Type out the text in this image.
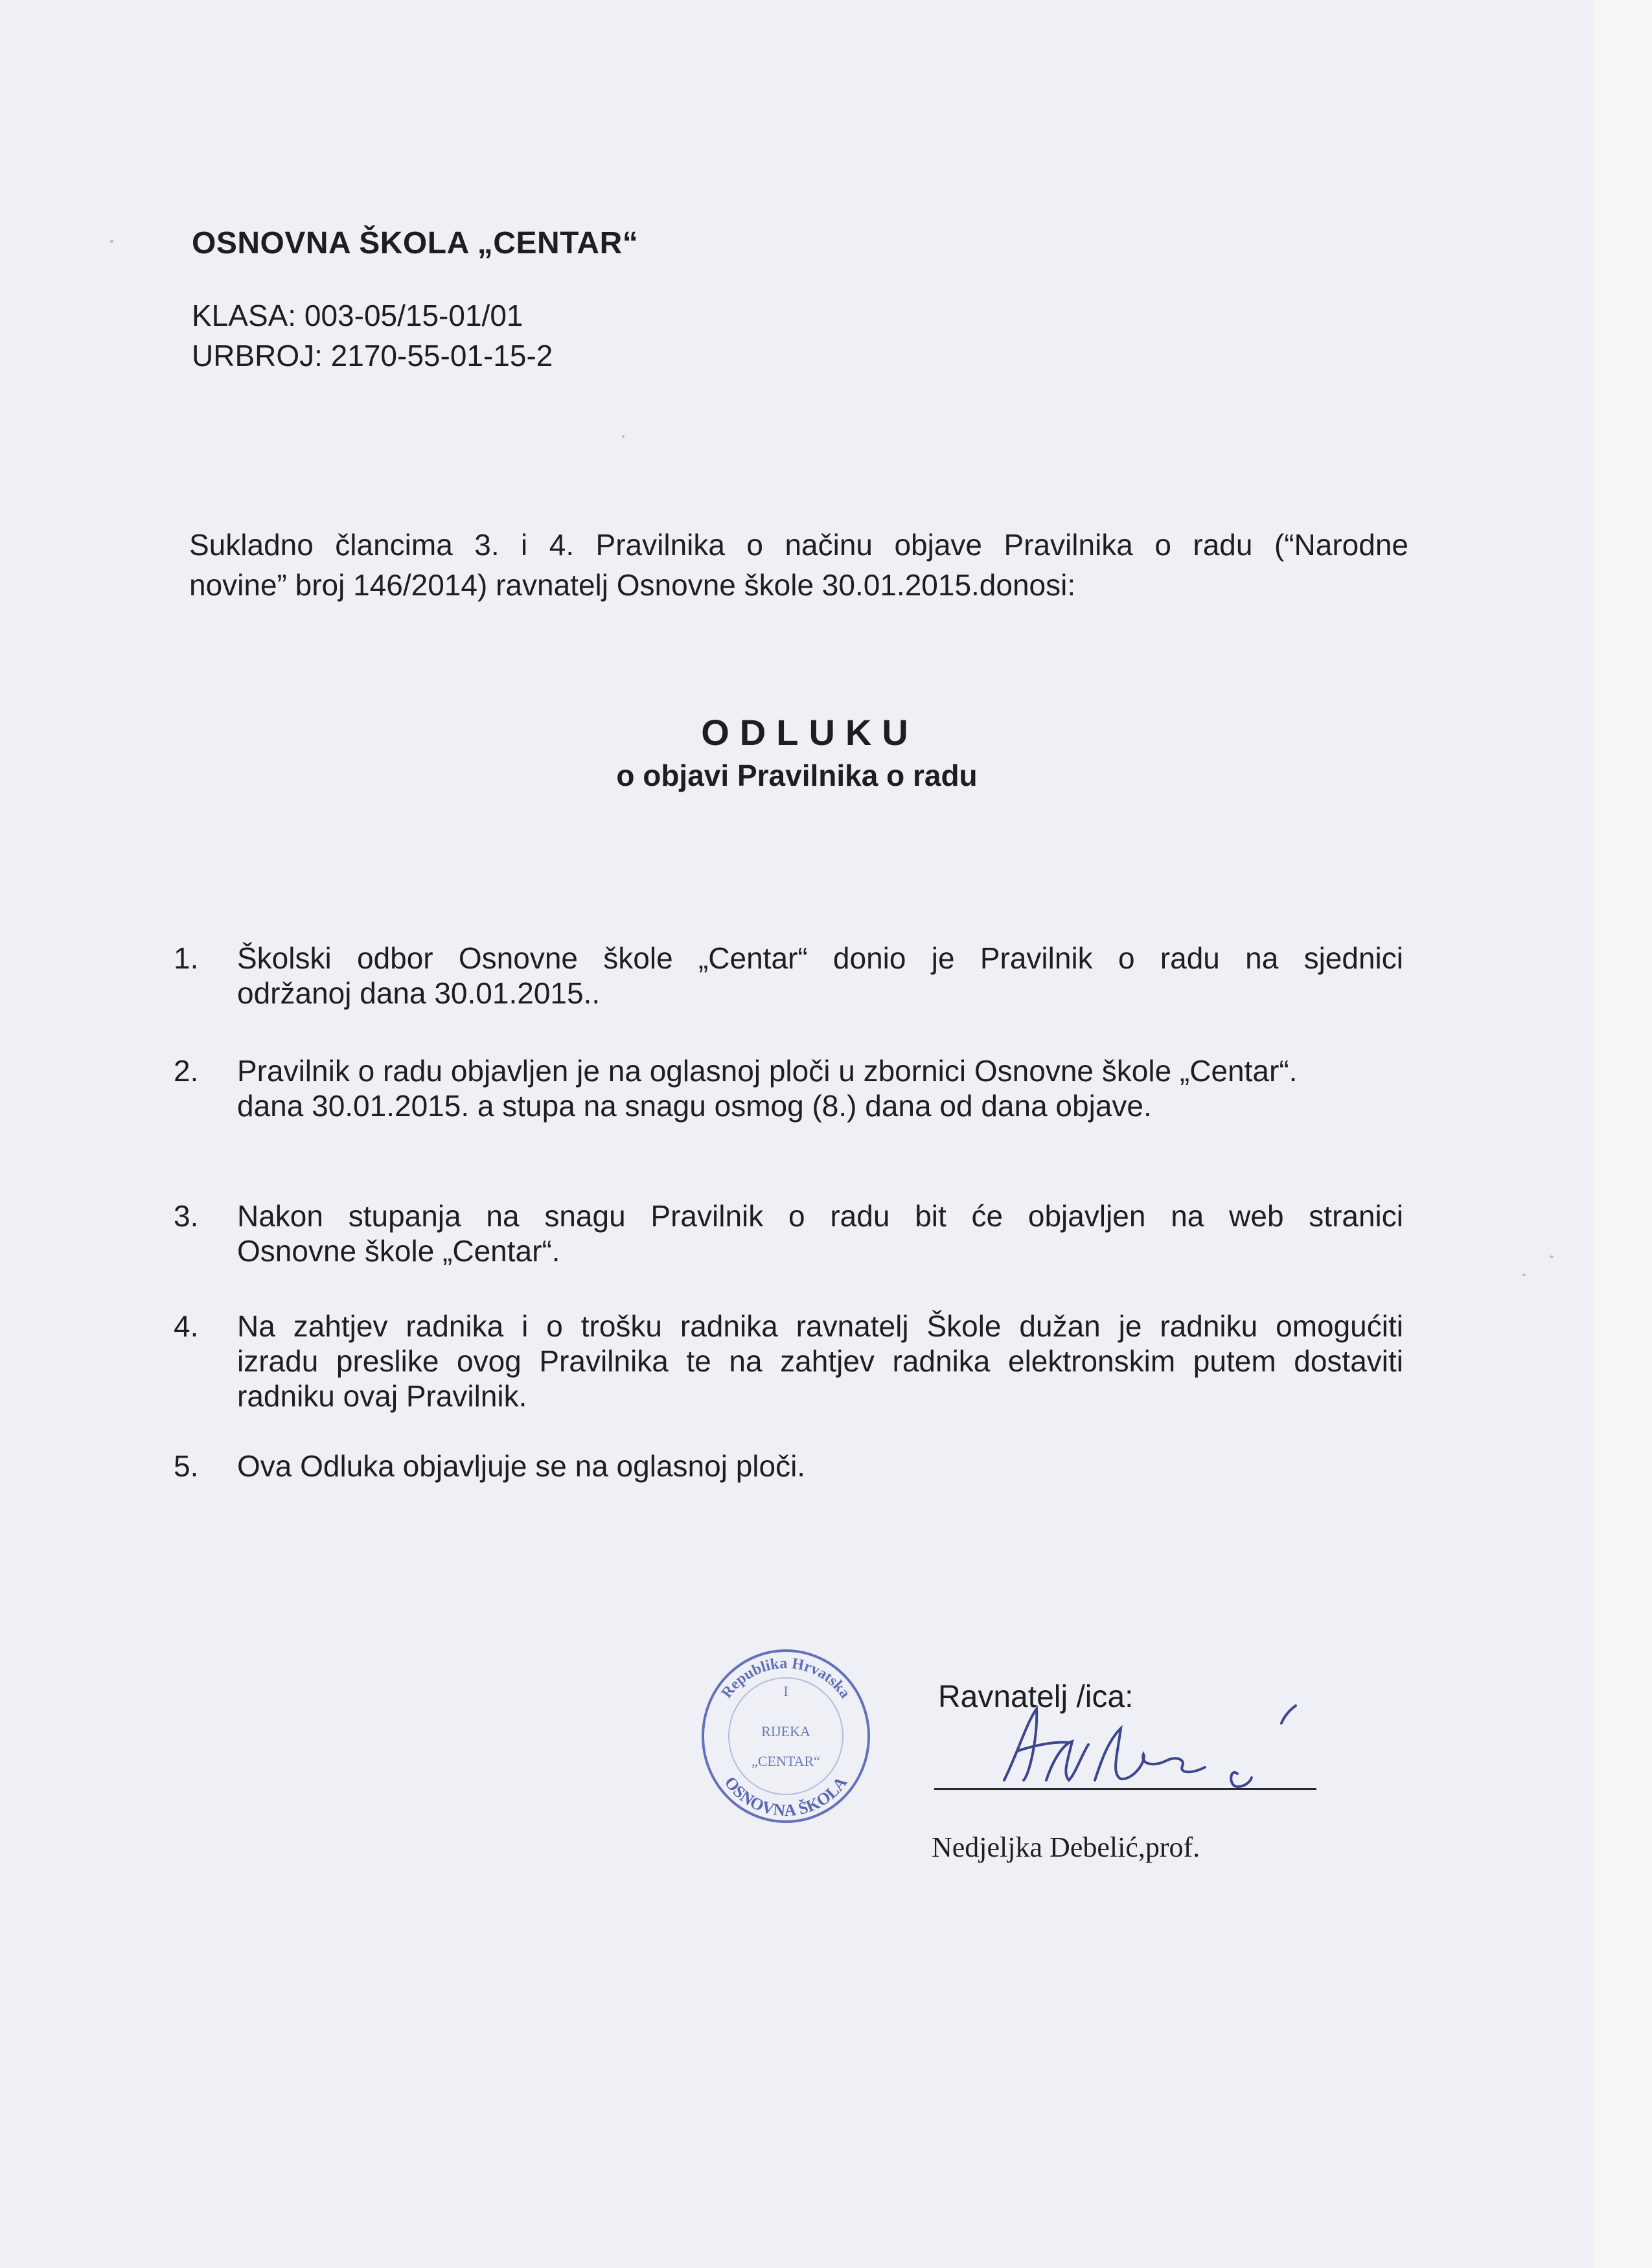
OSNOVNA ŠKOLA „CENTAR“
KLASA: 003-05/15-01/01
URBROJ: 2170-55-01-15-2
Sukladno člancima 3. i 4. Pravilnika o načinu objave Pravilnika o radu (“Narodne
novine” broj 146/2014) ravnatelj Osnovne škole 30.01.2015.donosi:
ODLUKU
o objavi Pravilnika o radu
1.	Školski odbor Osnovne škole „Centar“ donio je Pravilnik o radu na sjednici
održanoj dana 30.01.2015..
2.	Pravilnik o radu objavljen je na oglasnoj ploči u zbornici Osnovne škole „Centar“.
dana 30.01.2015. a stupa na snagu osmog (8.) dana od dana objave.
3.	Nakon stupanja na snagu Pravilnik o radu bit će objavljen na web stranici
Osnovne škole „Centar“.
4.	Na zahtjev radnika i o trošku radnika ravnatelj Škole dužan je radniku omogućiti
izradu preslike ovog Pravilnika te na zahtjev radnika elektronskim putem dostaviti
radniku ovaj Pravilnik.
5.	Ova Odluka objavljuje se na oglasnoj ploči.
Republika Hrvatska
OSNOVNA ŠKOLA
I
RIJEKA
„CENTAR“
Ravnatelj /ica:
Nedjeljka Debelić,prof.
